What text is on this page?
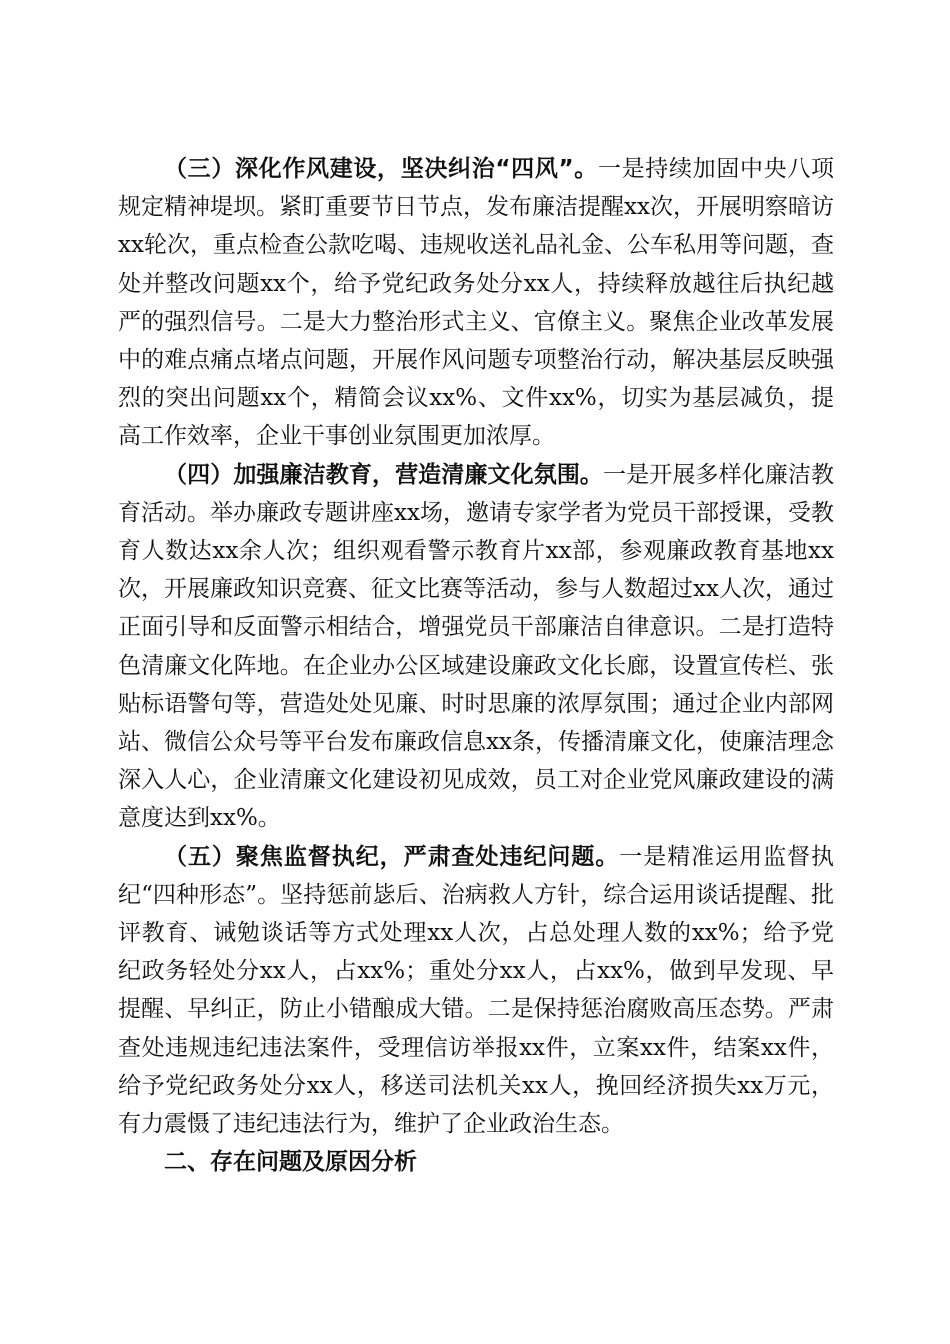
（三）深化作风建设，坚决纠治“四风”。一是持续加固中央八项规定精神堤坝。紧盯重要节日节点，发布廉洁提醒xx次，开展明察暗访xx轮次，重点检查公款吃喝、违规收送礼品礼金、公车私用等问题，查处并整改问题xx个，给予党纪政务处分xx人，持续释放越往后执纪越严的强烈信号。二是大力整治形式主义、官僚主义。聚焦企业改革发展中的难点痛点堵点问题，开展作风问题专项整治行动，解决基层反映强烈的突出问题xx个，精简会议xx%、文件xx%，切实为基层减负，提高工作效率，企业干事创业氛围更加浓厚。

（四）加强廉洁教育，营造清廉文化氛围。一是开展多样化廉洁教育活动。举办廉政专题讲座xx场，邀请专家学者为党员干部授课，受教育人数达xx余人次；组织观看警示教育片xx部，参观廉政教育基地xx次，开展廉政知识竞赛、征文比赛等活动，参与人数超过xx人次，通过正面引导和反面警示相结合，增强党员干部廉洁自律意识。二是打造特色清廉文化阵地。在企业办公区域建设廉政文化长廊，设置宣传栏、张贴标语警句等，营造处处见廉、时时思廉的浓厚氛围；通过企业内部网站、微信公众号等平台发布廉政信息xx条，传播清廉文化，使廉洁理念深入人心，企业清廉文化建设初见成效，员工对企业党风廉政建设的满意度达到xx%。

（五）聚焦监督执纪，严肃查处违纪问题。一是精准运用监督执纪“四种形态”。坚持惩前毖后、治病救人方针，综合运用谈话提醒、批评教育、诫勉谈话等方式处理xx人次，占总处理人数的xx%；给予党纪政务轻处分xx人，占xx%；重处分xx人，占xx%，做到早发现、早提醒、早纠正，防止小错酿成大错。二是保持惩治腐败高压态势。严肃查处违规违纪违法案件，受理信访举报xx件，立案xx件，结案xx件，给予党纪政务处分xx人，移送司法机关xx人，挽回经济损失xx万元，有力震慑了违纪违法行为，维护了企业政治生态。

二、存在问题及原因分析
